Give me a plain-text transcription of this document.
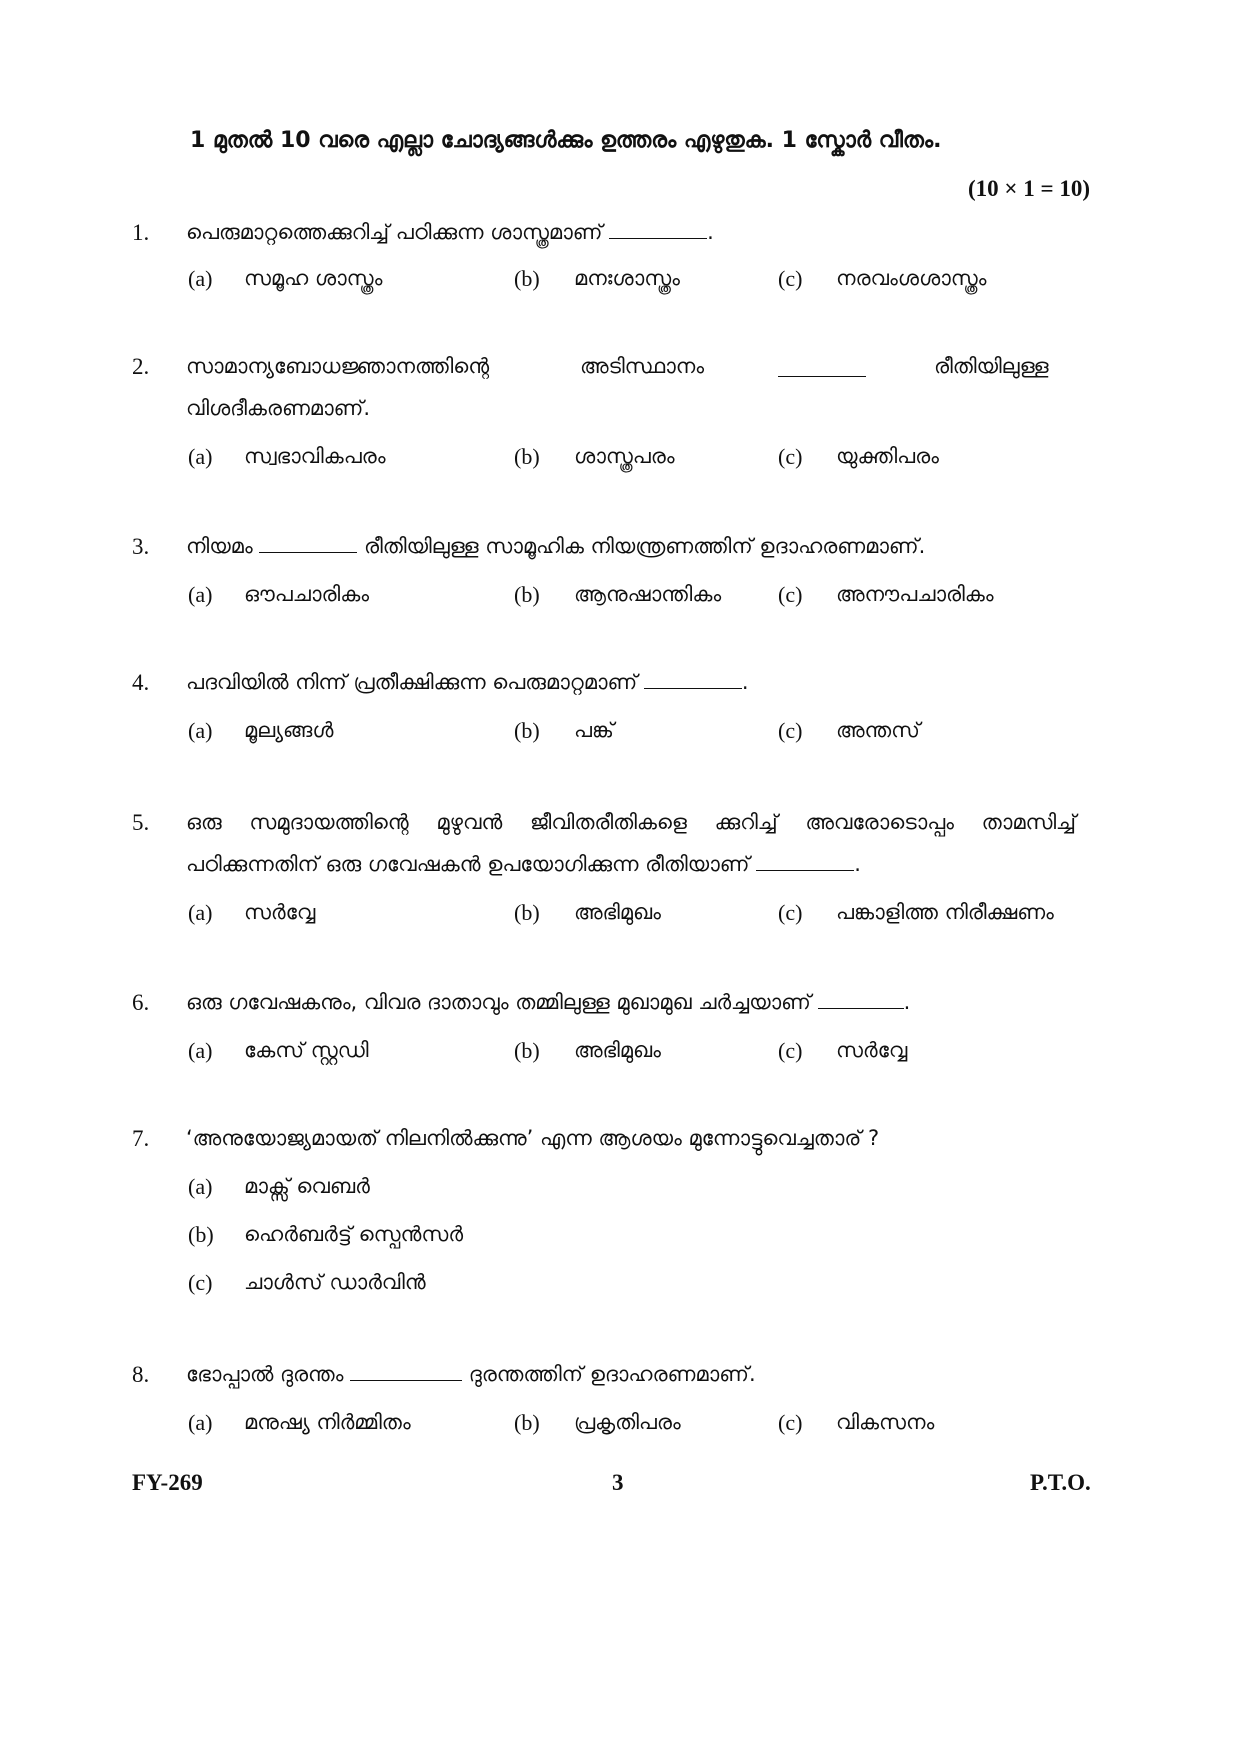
1 മുതൽ 10 വരെ എല്ലാ ചോദ്യങ്ങൾക്കും ഉത്തരം എഴുതുക. 1 സ്കോർ വീതം.
(10 × 1 = 10)
1. പെരുമാറ്റത്തെക്കുറിച്ച് പഠിക്കുന്ന ശാസ്ത്രമാണ്	.
(a) സമൂഹ ശാസ്ത്രം	(b) മനഃശാസ്ത്രം	(c) നരവംശശാസ്ത്രം
2. സാമാന്യബോധജ്ഞാനത്തിന്റെ	അടിസ്ഥാനം	രീതിയിലുള്ള
വിശദീകരണമാണ്.
(a) സ്വഭാവികപരം	(b) ശാസ്ത്രപരം	(c) യുക്തിപരം
3. നിയമം	രീതിയിലുള്ള സാമൂഹിക നിയന്ത്രണത്തിന് ഉദാഹരണമാണ്.
(a) ഔപചാരികം	(b) ആനുഷാന്തികം	(c) അനൗപചാരികം
4. പദവിയിൽ നിന്ന് പ്രതീക്ഷിക്കുന്ന പെരുമാറ്റമാണ്	.
(a) മൂല്യങ്ങൾ	(b) പങ്ക്	(c) അന്തസ്
5. ഒരു സമുദായത്തിന്റെ മുഴുവൻ ജീവിതരീതികളെ ക്കുറിച്ച് അവരോടൊപ്പം താമസിച്ച്
പഠിക്കുന്നതിന് ഒരു ഗവേഷകൻ ഉപയോഗിക്കുന്ന രീതിയാണ്	.
(a) സർവ്വേ	(b) അഭിമുഖം	(c) പങ്കാളിത്ത നിരീക്ഷണം
6. ഒരു ഗവേഷകനും, വിവര ദാതാവും തമ്മിലുള്ള മുഖാമുഖ ചർച്ചയാണ്	.
(a) കേസ് സ്റ്റഡി	(b) അഭിമുഖം	(c) സർവ്വേ
7. ‘അനുയോജ്യമായത് നിലനിൽക്കുന്നു’ എന്ന ആശയം മുന്നോട്ടുവെച്ചതാര് ?
(a) മാക്സ് വെബർ
(b) ഹെർബർട്ട് സ്പെൻസർ
(c) ചാൾസ് ഡാർവിൻ
8. ഭോപ്പാൽ ദുരന്തം	ദുരന്തത്തിന് ഉദാഹരണമാണ്.
(a) മനുഷ്യ നിർമ്മിതം	(b) പ്രകൃതിപരം	(c) വികസനം
FY-269	3	P.T.O.
